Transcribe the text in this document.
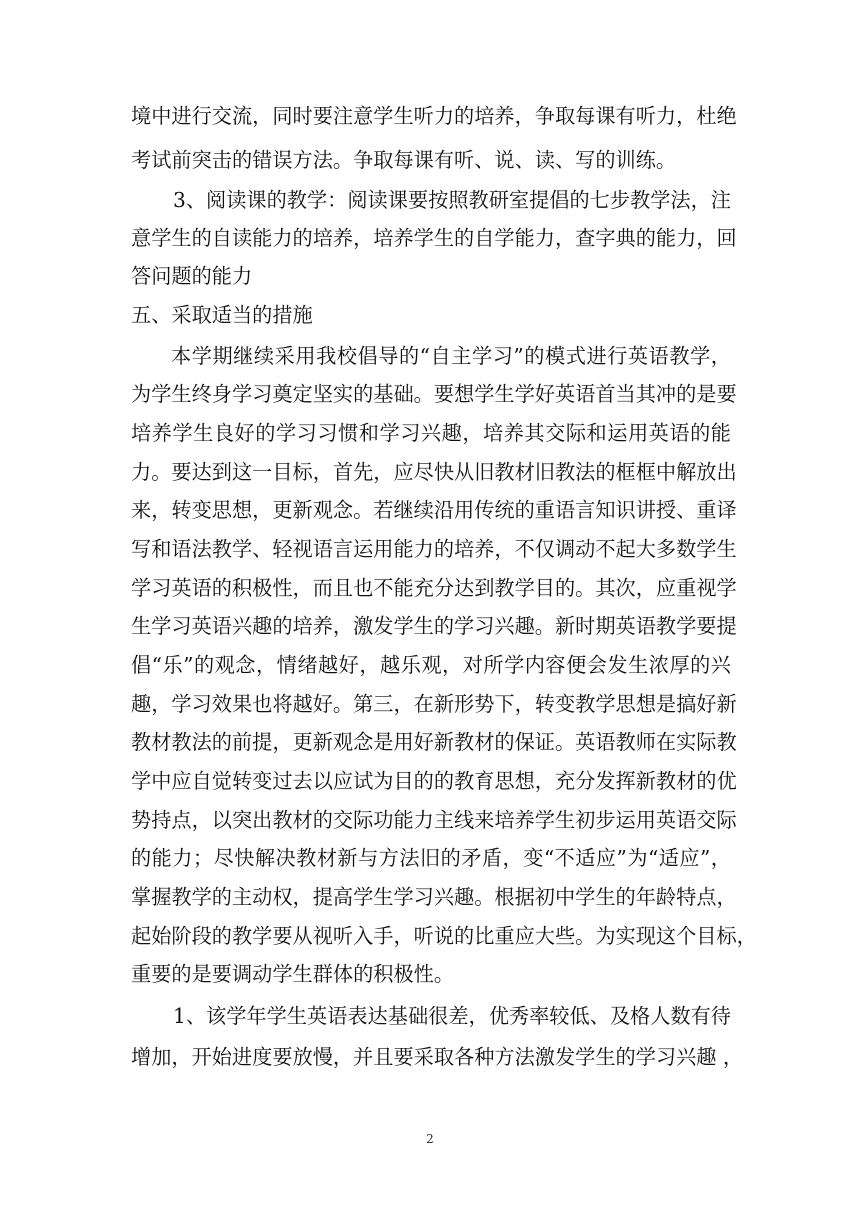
境中进行交流，同时要注意学生听力的培养，争取每课有听力，杜绝

考试前突击的错误方法。争取每课有听、说、读、写的训练。

3、阅读课的教学：阅读课要按照教研室提倡的七步教学法，注

意学生的自读能力的培养，培养学生的自学能力，查字典的能力，回

答问题的能力

五、采取适当的措施

本学期继续采用我校倡导的“自主学习”的模式进行英语教学，

为学生终身学习奠定坚实的基础。要想学生学好英语首当其冲的是要

培养学生良好的学习习惯和学习兴趣，培养其交际和运用英语的能

力。要达到这一目标，首先，应尽快从旧教材旧教法的框框中解放出

来，转变思想，更新观念。若继续沿用传统的重语言知识讲授、重译

写和语法教学、轻视语言运用能力的培养，不仅调动不起大多数学生

学习英语的积极性，而且也不能充分达到教学目的。其次，应重视学

生学习英语兴趣的培养，激发学生的学习兴趣。新时期英语教学要提

倡“乐”的观念，情绪越好，越乐观，对所学内容便会发生浓厚的兴

趣，学习效果也将越好。第三，在新形势下，转变教学思想是搞好新

教材教法的前提，更新观念是用好新教材的保证。英语教师在实际教

学中应自觉转变过去以应试为目的的教育思想，充分发挥新教材的优

势持点，以突出教材的交际功能力主线来培养学生初步运用英语交际

的能力；尽快解决教材新与方法旧的矛盾，变“不适应”为“适应”，

掌握教学的主动权，提高学生学习兴趣。根据初中学生的年龄特点，

起始阶段的教学要从视听入手，听说的比重应大些。为实现这个目标，

重要的是要调动学生群体的积极性。

1、该学年学生英语表达基础很差，优秀率较低、及格人数有待

增加，开始进度要放慢，并且要采取各种方法激发学生的学习兴趣 ，

2
